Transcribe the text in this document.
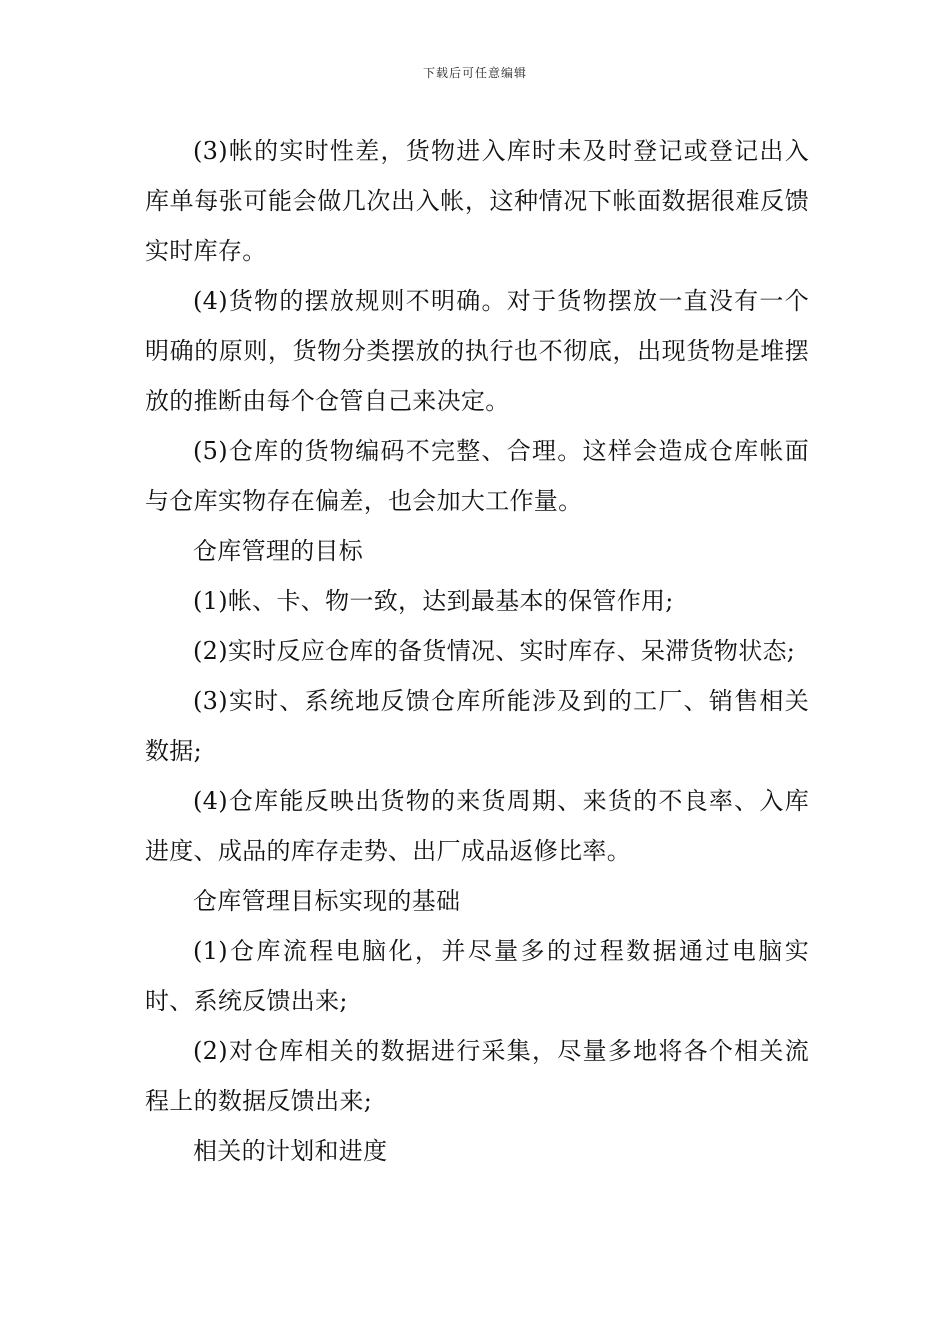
下载后可任意编辑

(3)帐的实时性差，货物进入库时未及时登记或登记出入库单每张可能会做几次出入帐，这种情况下帐面数据很难反馈实时库存。

(4)货物的摆放规则不明确。对于货物摆放一直没有一个明确的原则，货物分类摆放的执行也不彻底，出现货物是堆摆放的推断由每个仓管自己来决定。

(5)仓库的货物编码不完整、合理。这样会造成仓库帐面与仓库实物存在偏差，也会加大工作量。

仓库管理的目标

(1)帐、卡、物一致，达到最基本的保管作用;

(2)实时反应仓库的备货情况、实时库存、呆滞货物状态;

(3)实时、系统地反馈仓库所能涉及到的工厂、销售相关数据;

(4)仓库能反映出货物的来货周期、来货的不良率、入库进度、成品的库存走势、出厂成品返修比率。

仓库管理目标实现的基础

(1)仓库流程电脑化，并尽量多的过程数据通过电脑实时、系统反馈出来;

(2)对仓库相关的数据进行采集，尽量多地将各个相关流程上的数据反馈出来;

相关的计划和进度
